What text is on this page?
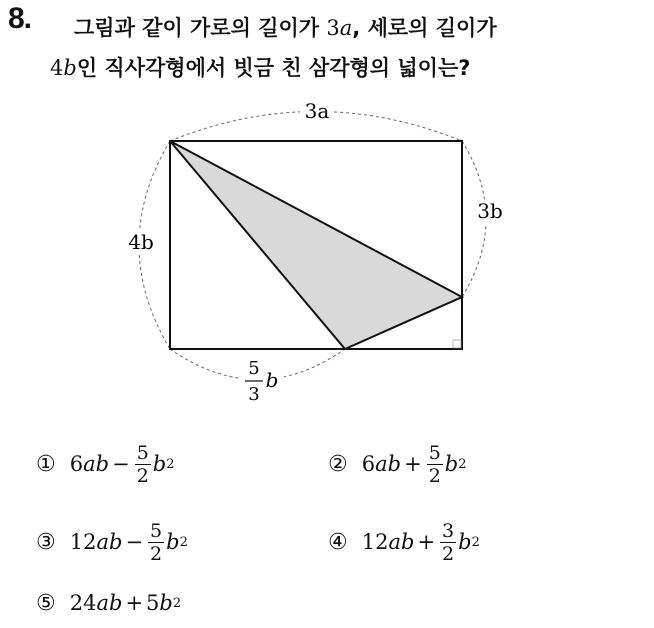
8. 그림과 같이 가로의 길이가 3a, 세로의 길이가
4b인 직사각형에서 빗금 친 삼각형의 넓이는?
3a
3b
4b
5
3
b
① 6 ab − $\frac{5}{2}$ b 2	② 6 ab + $\frac{5}{2}$ b 2
③ 12 ab − $\frac{5}{2}$ b 2	④ 12 ab + $\frac{3}{2}$ b 2
⑤ 24 ab + 5 b 2
